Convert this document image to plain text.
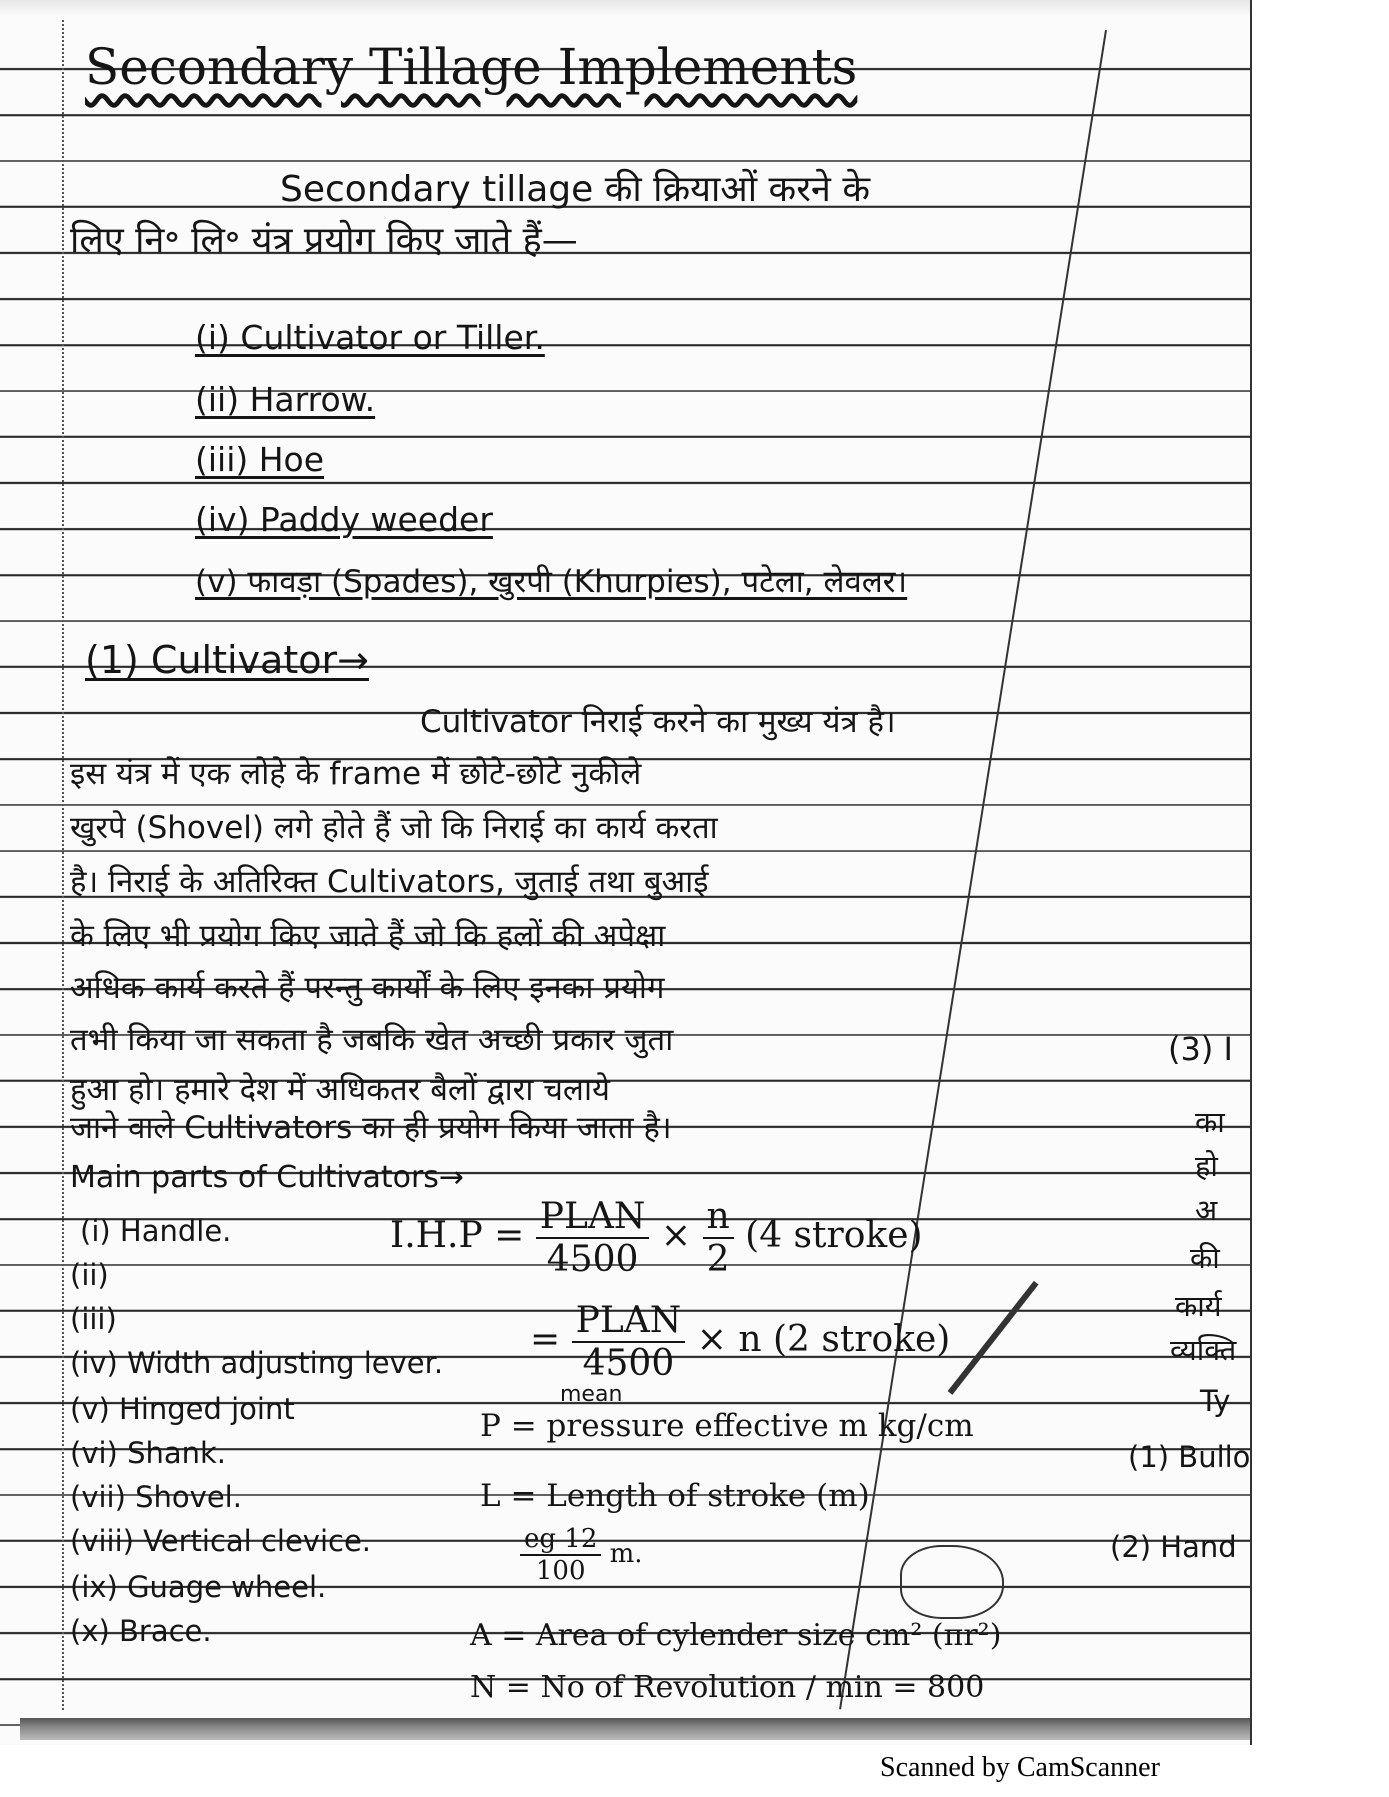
Secondary Tillage Implements
Secondary tillage की क्रियाओं करने के
लिए नि॰ लि॰ यंत्र प्रयोग किए जाते हैं—
(i) Cultivator or Tiller.
(ii) Harrow.
(iii) Hoe
(iv) Paddy weeder
(v) फावड़ा (Spades), खुरपी (Khurpies), पटेला, लेवलर।
(1) Cultivator→
Cultivator निराई करने का मुख्य यंत्र है।
इस यंत्र में एक लोहे के frame में छोटे-छोटे नुकीले
खुरपे (Shovel) लगे होते हैं जो कि निराई का कार्य करता
है। निराई के अतिरिक्त Cultivators, जुताई तथा बुआई
के लिए भी प्रयोग किए जाते हैं जो कि हलों की अपेक्षा
अधिक कार्य करते हैं परन्तु कार्यों के लिए इनका प्रयोग
तभी किया जा सकता है जबकि खेत अच्छी प्रकार जुता
हुआ हो। हमारे देश में अधिकतर बैलों द्वारा चलाये
जाने वाले Cultivators का ही प्रयोग किया जाता है।
Main parts of Cultivators→
(i) Handle.
(ii)
(iii)
(iv) Width adjusting lever.
(v) Hinged joint
(vi) Shank.
(vii) Shovel.
(viii) Vertical clevice.
(ix) Guage wheel.
(x) Brace.
$I.H.P = \frac{\text{PLAN}}{4500} \times \frac{n}{2} (4$ stroke)
= $\frac{\text{PLAN}}{4500} \times n$ (2 stroke)
mean
P = pressure effective m kg/cm
L = Length of stroke (m)
$\frac{eg 12}{100} m$.
A = Area of cylender size cm² (πr²)
N = No of Revolution / min = 800
(3) I
का
हो
अ
की
कार्य
व्यक्ति
Ty
(1) Bullo
(2) Hand
Scanned by CamScanner
